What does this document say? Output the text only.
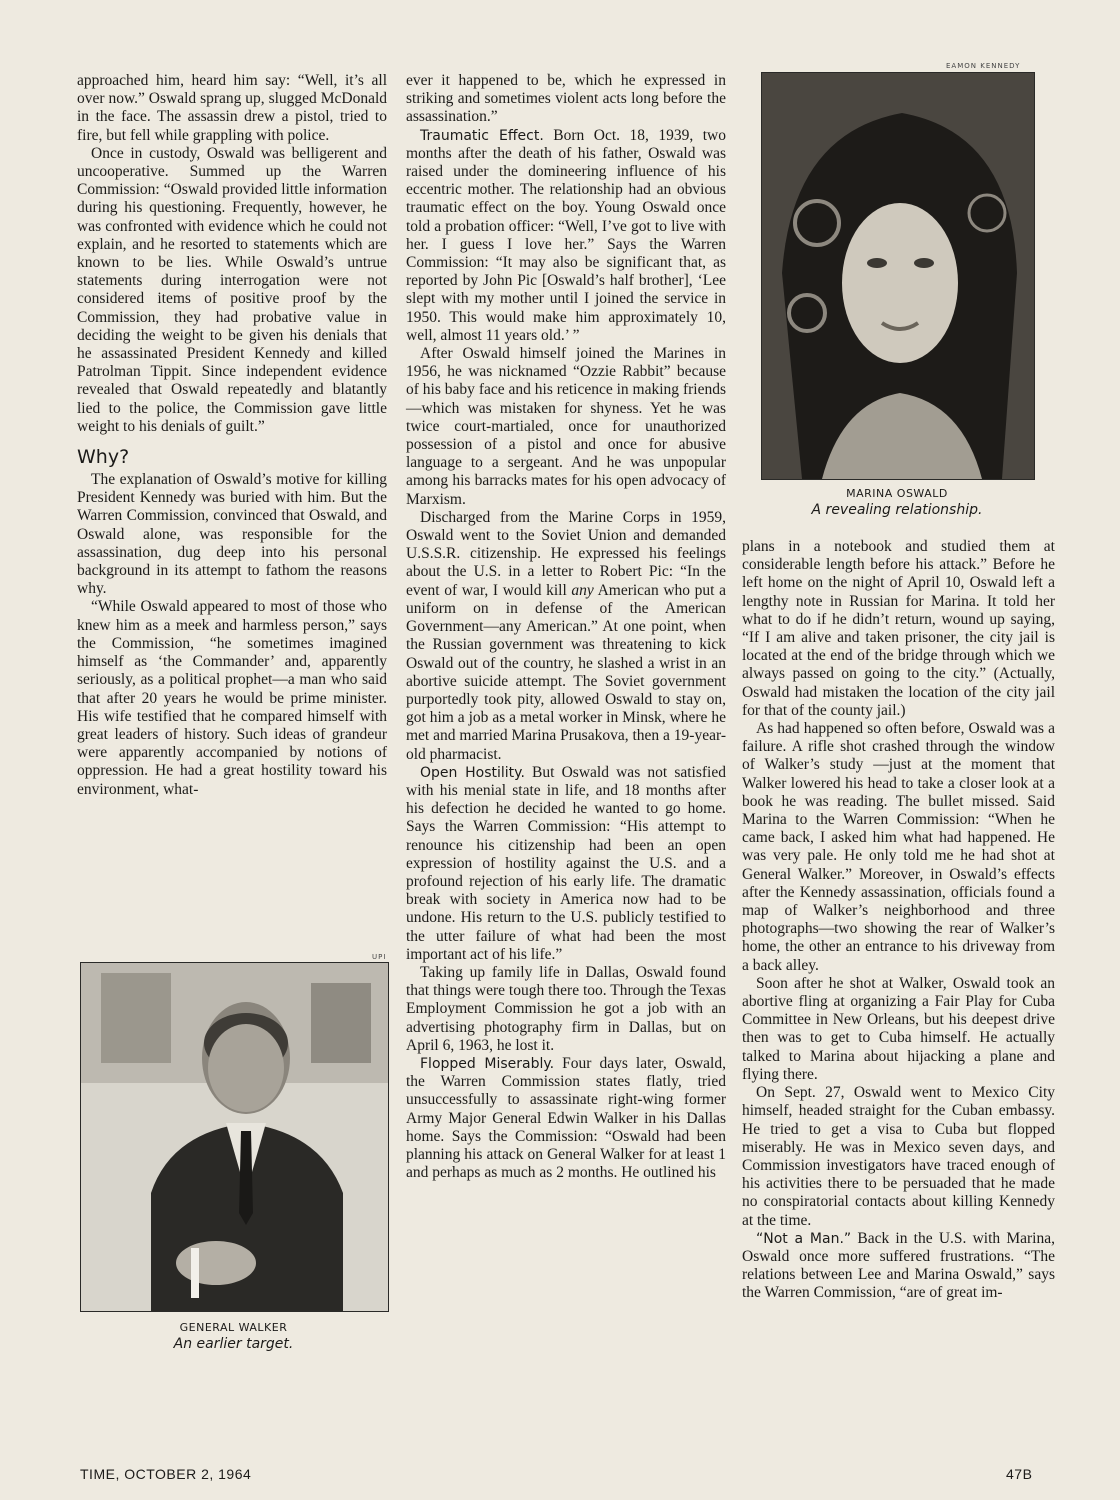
approached him, heard him say: “Well, it’s all over now.” Oswald sprang up, slugged McDonald in the face. The assassin drew a pistol, tried to fire, but fell while grappling with police.

Once in custody, Oswald was belligerent and uncooperative. Summed up the Warren Commission: “Oswald provided little information during his questioning. Frequently, however, he was confronted with evidence which he could not explain, and he resorted to statements which are known to be lies. While Oswald’s untrue statements during interrogation were not considered items of positive proof by the Commission, they had probative value in deciding the weight to be given his denials that he assassinated President Kennedy and killed Patrolman Tippit. Since independent evidence revealed that Oswald repeatedly and blatantly lied to the police, the Commission gave little weight to his denials of guilt.”

Why?

The explanation of Oswald’s motive for killing President Kennedy was buried with him. But the Warren Commission, convinced that Oswald, and Oswald alone, was responsible for the assassination, dug deep into his personal background in its attempt to fathom the reasons why.

“While Oswald appeared to most of those who knew him as a meek and harmless person,” says the Commission, “he sometimes imagined himself as ‘the Commander’ and, apparently seriously, as a political prophet—a man who said that after 20 years he would be prime minister. His wife testified that he compared himself with great leaders of history. Such ideas of grandeur were apparently accompanied by notions of oppression. He had a great hostility toward his environment, what-

UPI
GENERAL WALKER
An earlier target.

ever it happened to be, which he expressed in striking and sometimes violent acts long before the assassination.”

Traumatic Effect. Born Oct. 18, 1939, two months after the death of his father, Oswald was raised under the domineering influence of his eccentric mother. The relationship had an obvious traumatic effect on the boy. Young Oswald once told a probation officer: “Well, I’ve got to live with her. I guess I love her.” Says the Warren Commission: “It may also be significant that, as reported by John Pic [Oswald’s half brother], ‘Lee slept with my mother until I joined the service in 1950. This would make him approximately 10, well, almost 11 years old.’ ”

After Oswald himself joined the Marines in 1956, he was nicknamed “Ozzie Rabbit” because of his baby face and his reticence in making friends—which was mistaken for shyness. Yet he was twice court-martialed, once for unauthorized possession of a pistol and once for abusive language to a sergeant. And he was unpopular among his barracks mates for his open advocacy of Marxism.

Discharged from the Marine Corps in 1959, Oswald went to the Soviet Union and demanded U.S.S.R. citizenship. He expressed his feelings about the U.S. in a letter to Robert Pic: “In the event of war, I would kill any American who put a uniform on in defense of the American Government—any American.” At one point, when the Russian government was threatening to kick Oswald out of the country, he slashed a wrist in an abortive suicide attempt. The Soviet government purportedly took pity, allowed Oswald to stay on, got him a job as a metal worker in Minsk, where he met and married Marina Prusakova, then a 19-year-old pharmacist.

Open Hostility. But Oswald was not satisfied with his menial state in life, and 18 months after his defection he decided he wanted to go home. Says the Warren Commission: “His attempt to renounce his citizenship had been an open expression of hostility against the U.S. and a profound rejection of his early life. The dramatic break with society in America now had to be undone. His return to the U.S. publicly testified to the utter failure of what had been the most important act of his life.”

Taking up family life in Dallas, Oswald found that things were tough there too. Through the Texas Employment Commission he got a job with an advertising photography firm in Dallas, but on April 6, 1963, he lost it.

Flopped Miserably. Four days later, Oswald, the Warren Commission states flatly, tried unsuccessfully to assassinate right-wing former Army Major General Edwin Walker in his Dallas home. Says the Commission: “Oswald had been planning his attack on General Walker for at least 1 and perhaps as much as 2 months. He outlined his

EAMON KENNEDY
MARINA OSWALD
A revealing relationship.

plans in a notebook and studied them at considerable length before his attack.” Before he left home on the night of April 10, Oswald left a lengthy note in Russian for Marina. It told her what to do if he didn’t return, wound up saying, “If I am alive and taken prisoner, the city jail is located at the end of the bridge through which we always passed on going to the city.” (Actually, Oswald had mistaken the location of the city jail for that of the county jail.)

As had happened so often before, Oswald was a failure. A rifle shot crashed through the window of Walker’s study —just at the moment that Walker lowered his head to take a closer look at a book he was reading. The bullet missed. Said Marina to the Warren Commission: “When he came back, I asked him what had happened. He was very pale. He only told me he had shot at General Walker.” Moreover, in Oswald’s effects after the Kennedy assassination, officials found a map of Walker’s neighborhood and three photographs—two showing the rear of Walker’s home, the other an entrance to his driveway from a back alley.

Soon after he shot at Walker, Oswald took an abortive fling at organizing a Fair Play for Cuba Committee in New Orleans, but his deepest drive then was to get to Cuba himself. He actually talked to Marina about hijacking a plane and flying there.

On Sept. 27, Oswald went to Mexico City himself, headed straight for the Cuban embassy. He tried to get a visa to Cuba but flopped miserably. He was in Mexico seven days, and Commission investigators have traced enough of his activities there to be persuaded that he made no conspiratorial contacts about killing Kennedy at the time.

“Not a Man.” Back in the U.S. with Marina, Oswald once more suffered frustrations. “The relations between Lee and Marina Oswald,” says the Warren Commission, “are of great im-

TIME, OCTOBER 2, 1964	47B
